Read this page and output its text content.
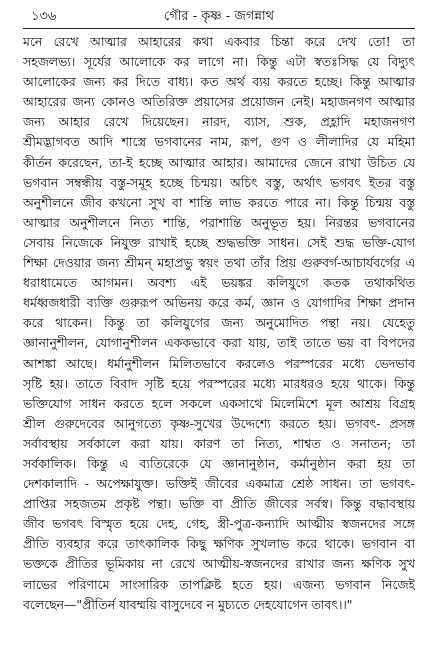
১৩৬	গৌর - কৃষ্ণ - জগন্নাথ
মনে রেখে আত্মার আহারের কথা একবার চিন্তা করে দেখ তো! তা
সহজলভ্য। সূর্যের আলোকে কর লাগে না। কিন্তু এটা স্বতঃসিদ্ধ যে বিদ্যুৎ
আলোকের জন্য কর দিতে বাধ্য। কত অর্থ ব্যয় করতে হচ্ছে। কিন্তু আত্মার
আহারের জন্য কোনও অতিরিক্ত প্রয়াসের প্রয়োজন নেই। মহাজনগণ আত্মার
জন্য আহার রেখে দিয়েছেন। নারদ, ব্যাস, শুক, প্রহ্লাদি মহাজনগণ
শ্রীমদ্ভাগবত আদি শাস্ত্রে ভগবানের নাম, রূপ, গুণ ও লীলাদির যে মহিমা
কীর্তন করেছেন, তা-ই হচ্ছে আত্মার আহার। আমাদের জেনে রাখা উচিত যে
ভগবান সম্বন্ধীয় বস্তু-সমূহ হচ্ছে চিন্ময়। অচিৎ বস্তু, অর্থাৎ ভগবৎ ইতর বস্তু
অনুশীলনে জীব কখনো সুখ বা শান্তি লাভ করতে পারে না। কিন্তু চিন্ময় বস্তু
আত্মার অনুশীলনে নিত্য শান্তি, পরাশান্তি অনুভূত হয়। নিরন্তর ভগবানের
সেবায় নিজেকে নিযুক্ত রাখাই হচ্ছে শুদ্ধভক্তি সাধন। সেই শুদ্ধ ভক্তি-যোগ
শিক্ষা দেওয়ার জন্য শ্রীমন্ মহাপ্রভু স্বয়ং তথা তাঁর প্রিয় গুরুবর্গ-আচার্যবর্গের এ
ধরাধামেতে আগমন। অবশ্য এই ভয়ঙ্কর কলিযুগে কতক তথাকথিত
ধর্মধ্বজধারী ব্যক্তি গুরুরূপ অভিনয় করে কর্ম, জ্ঞান ও যোগাদির শিক্ষা প্রদান
করে থাকেন। কিন্তু তা কলিযুগের জন্য অনুমোদিত পন্থা নয়। যেহেতু
জ্ঞানানুশীলন, যোগানুশীলন এককভাবে করা যায়, তাই তাতে ভয় বা বিপদের
আশঙ্কা আছে। ধর্মানুশীলন মিলিতভাবে করলেও পরস্পরের মধ্যে ভেদভাব
সৃষ্টি হয়। তাতে বিবাদ সৃষ্টি হয়ে পরস্পরের মধ্যে মারধরও হয়ে থাকে। কিন্তু
ভক্তিযোগ সাধন করতে হলে সকলে একসাথে মিলেমিশে মূল আশ্রয় বিগ্রহ
শ্রীল গুরুদেবের আনুগত্যে কৃষ্ণ-সুখের উদ্দেশ্যে করতে হয়। ভগবৎ- প্রসঙ্গ
সর্বাবস্থায় সর্বকালে করা যায়। কারণ তা নিত্য, শাশ্বত ও সনাতন; তা
সর্বকালিক। কিন্তু এ ব্যতিরেকে যে জ্ঞানানুষ্ঠান, কর্মানুষ্ঠান করা হয় তা
দেশকালাদি - অপেক্ষাযুক্ত। ভক্তিই জীবের একমাত্র শ্রেষ্ঠ সাধন। তা ভগবৎ-
প্রাপ্তির সহজতম প্রকৃষ্ট পন্থা। ভক্তি বা প্রীতি জীবের সর্বস্ব। কিন্তু বদ্ধাবস্থায়
জীব ভগবৎ বিস্মৃত হয়ে দেহ, গেহ, স্ত্রী-পুত্র-কন্যাদি আত্মীয় স্বজনদের সঙ্গে
প্রীতি ব্যবহার করে তাৎকালিক কিছু ক্ষণিক সুখলাভ করে থাকে। ভগবান বা
ভক্তকে প্রীতির ভূমিকায় না রেখে আত্মীয়-স্বজনদের রাখার জন্য ক্ষণিক সুখ
লাভের পরিণামে সাংসারিক তাপক্লিষ্ট হতে হয়। এজন্য ভগবান নিজেই
বলেছেন—"প্রীতির্ন যাবম্ময়ি বাসুদেবে ন মুচ্যতে দেহযোগেন তাবৎ।।"
